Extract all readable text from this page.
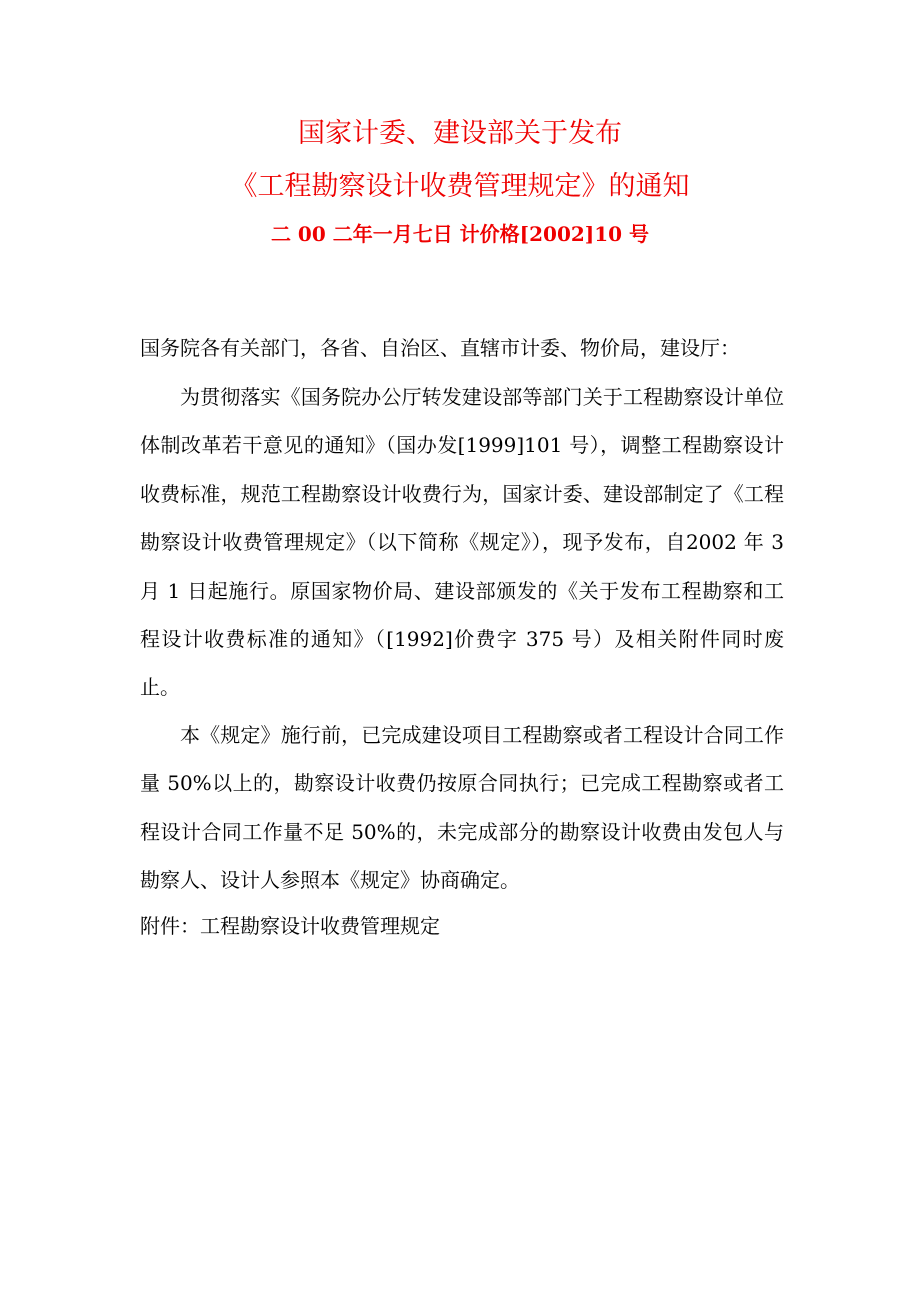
国家计委、建设部关于发布
《工程勘察设计收费管理规定》的通知
二 00 二年一月七日 计价格[2002]10 号
国务院各有关部门，各省、自治区、直辖市计委、物价局，建设厅：
为贯彻落实《国务院办公厅转发建设部等部门关于工程勘察设计单位体制改革若干意见的通知》（国办发[1999]101 号），调整工程勘察设计收费标准，规范工程勘察设计收费行为，国家计委、建设部制定了《工程勘察设计收费管理规定》（以下简称《规定》），现予发布，自2002 年 3 月 1 日起施行。原国家物价局、建设部颁发的《关于发布工程勘察和工程设计收费标准的通知》（[1992]价费字 375 号）及相关附件同时废止。
本《规定》施行前，已完成建设项目工程勘察或者工程设计合同工作量 50%以上的，勘察设计收费仍按原合同执行；已完成工程勘察或者工程设计合同工作量不足 50%的，未完成部分的勘察设计收费由发包人与勘察人、设计人参照本《规定》协商确定。
附件：工程勘察设计收费管理规定
